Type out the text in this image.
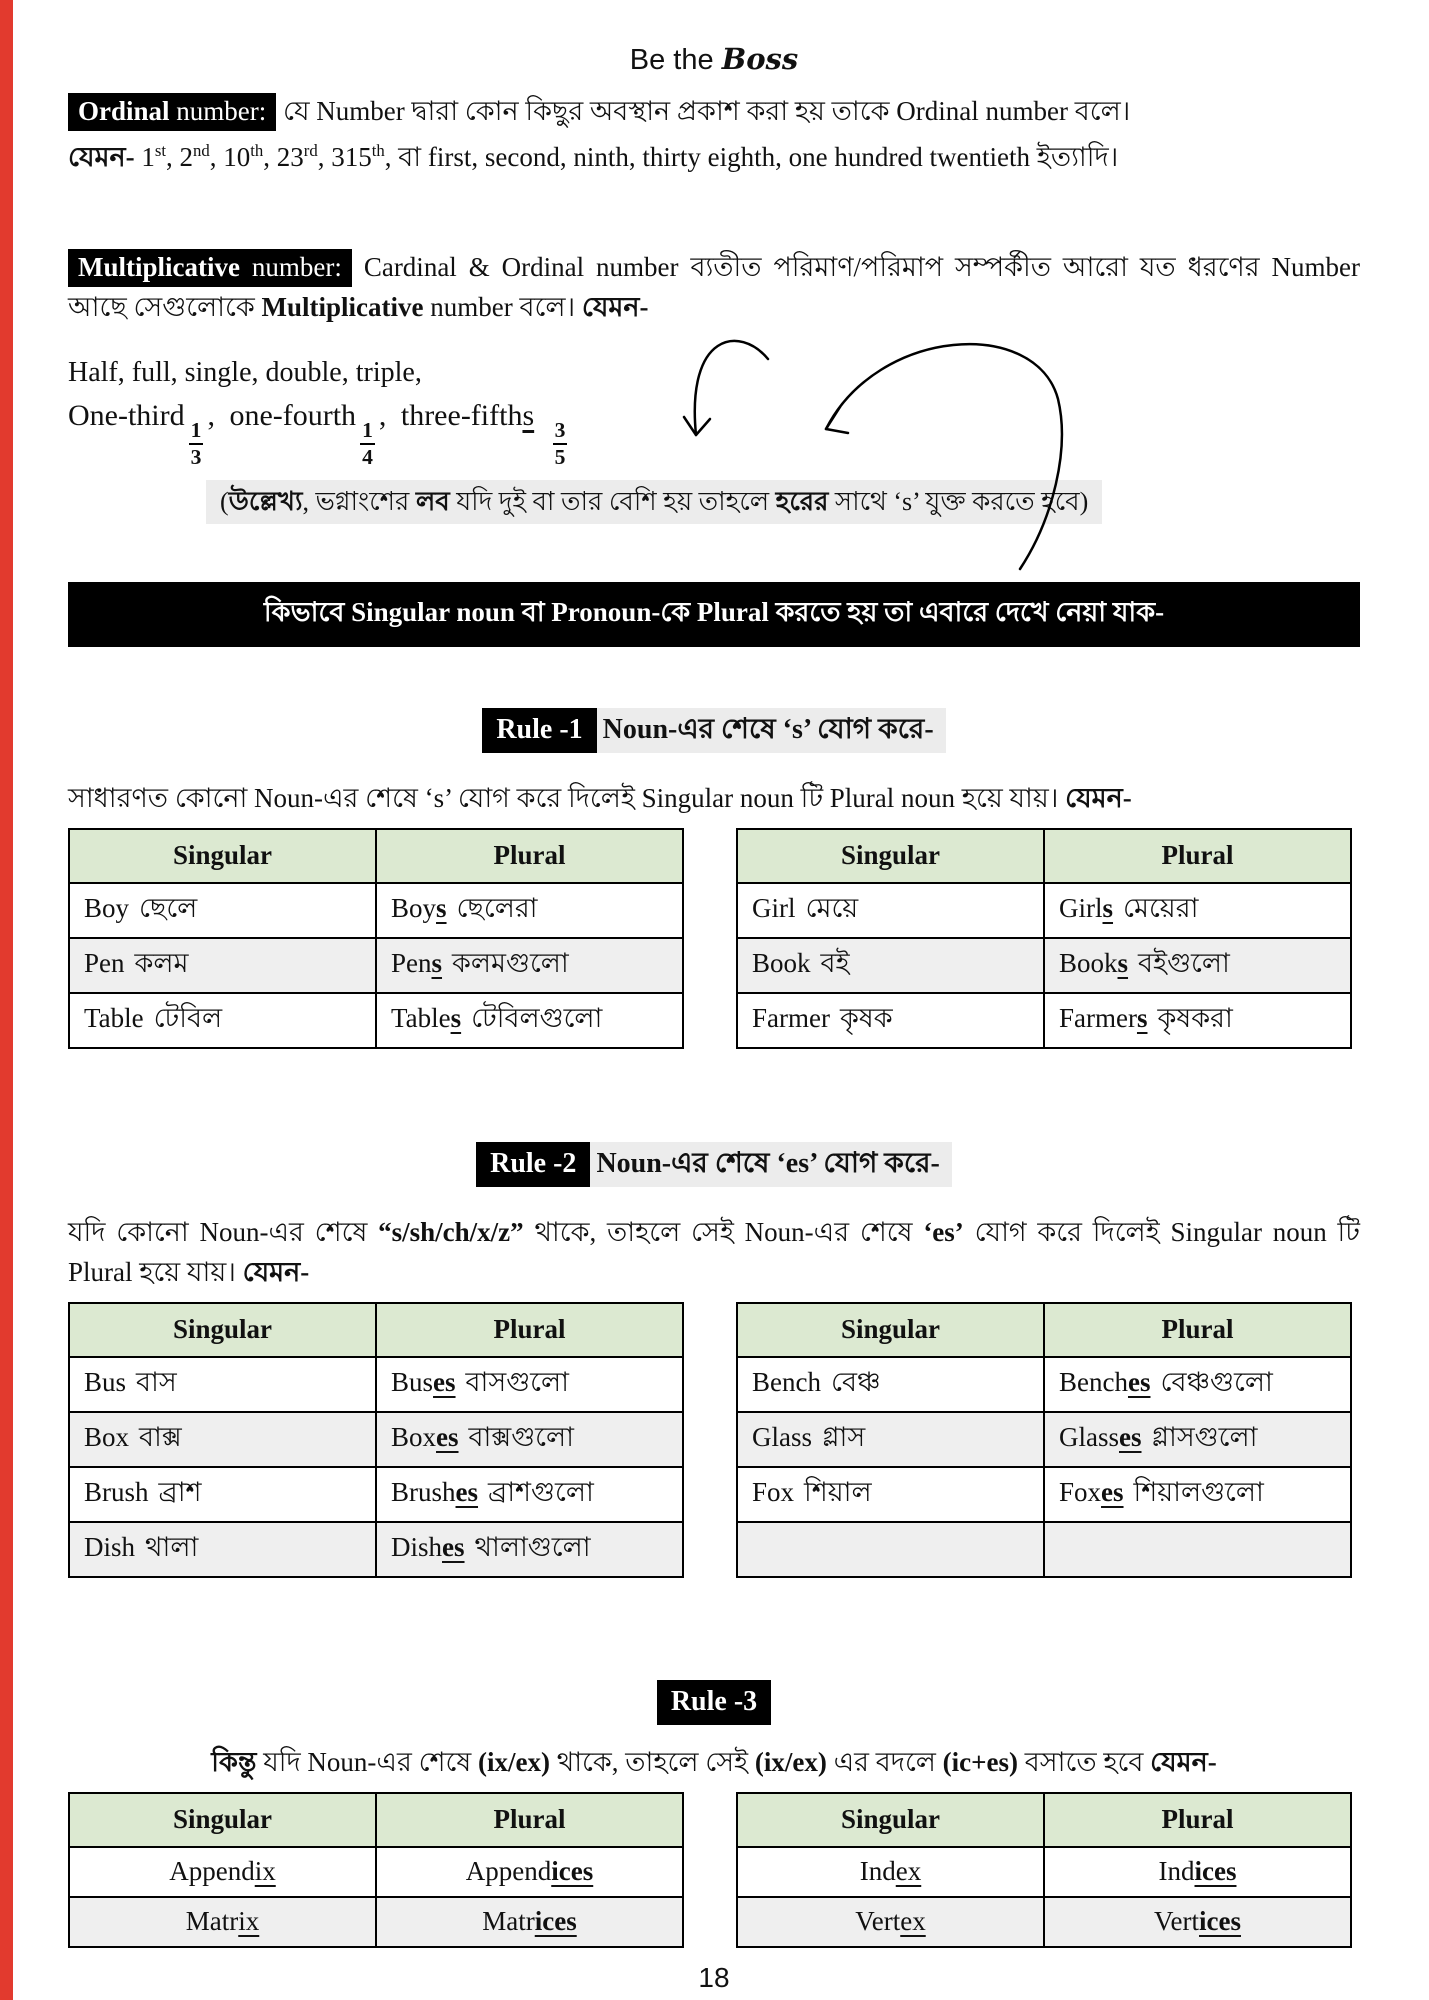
Be the Boss

Ordinal number: যে Number দ্বারা কোন কিছুর অবস্থান প্রকাশ করা হয় তাকে Ordinal number বলে।

যেমন- 1st, 2nd, 10th, 23rd, 315th, বা first, second, ninth, thirty eighth, one hundred twentieth ইত্যাদি।

Multiplicative number: Cardinal & Ordinal number ব্যতীত পরিমাণ/পরিমাপ সম্পর্কীত আরো যত ধরণের Number আছে সেগুলোকে Multiplicative number বলে। যেমন-

Half, full, single, double, triple,

One-third
$\frac{1}{3}$
, one-fourth
$\frac{1}{4}$
, three-fifths
$\frac{3}{5}$

(উল্লেখ্য, ভগ্নাংশের লব যদি দুই বা তার বেশি হয় তাহলে হরের সাথে ‘s’ যুক্ত করতে হবে)
কিভাবে Singular noun বা Pronoun-কে Plural করতে হয় তা এবারে দেখে নেয়া যাক-
Rule -1 Noun-এর শেষে ‘s’ যোগ করে-

সাধারণত কোনো Noun-এর শেষে ‘s’ যোগ করে দিলেই Singular noun টি Plural noun হয়ে যায়। যেমন-

Singular	Plural
Boy ছেলে	Boys ছেলেরা
Pen কলম	Pens কলমগুলো
Table টেবিল	Tables টেবিলগুলো
Singular	Plural
Girl মেয়ে	Girls মেয়েরা
Book বই	Books বইগুলো
Farmer কৃষক	Farmers কৃষকরা
Rule -2 Noun-এর শেষে ‘es’ যোগ করে-

যদি কোনো Noun-এর শেষে “s/sh/ch/x/z” থাকে, তাহলে সেই Noun-এর শেষে ‘es’ যোগ করে দিলেই Singular noun টি Plural হয়ে যায়। যেমন-

Singular	Plural
Bus বাস	Buses বাসগুলো
Box বাক্স	Boxes বাক্সগুলো
Brush ব্রাশ	Brushes ব্রাশগুলো
Dish থালা	Dishes থালাগুলো
Singular	Plural
Bench বেঞ্চ	Benches বেঞ্চগুলো
Glass গ্লাস	Glasses গ্লাসগুলো
Fox শিয়াল	Foxes শিয়ালগুলো

Rule -3

কিন্তু যদি Noun-এর শেষে (ix/ex) থাকে, তাহলে সেই (ix/ex) এর বদলে (ic+es) বসাতে হবে যেমন-

Singular	Plural
Appendix	Appendices
Matrix	Matrices
Singular	Plural
Index	Indices
Vertex	Vertices
18
